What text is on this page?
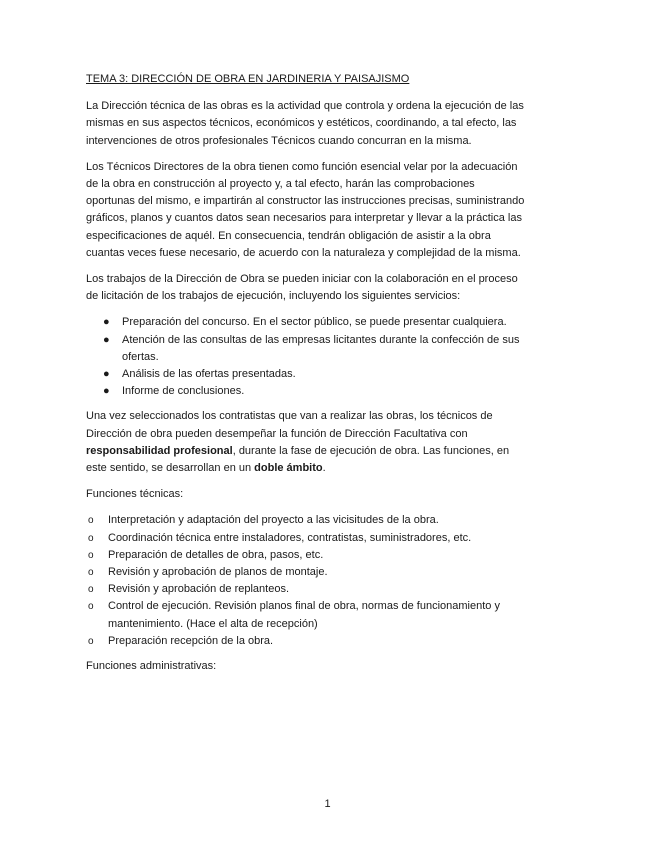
TEMA 3: DIRECCIÓN DE OBRA EN JARDINERIA Y PAISAJISMO

La Dirección técnica de las obras es la actividad que controla y ordena la ejecución de las mismas en sus aspectos técnicos, económicos y estéticos, coordinando, a tal efecto, las intervenciones de otros profesionales Técnicos cuando concurran en la misma.

Los Técnicos Directores de la obra tienen como función esencial velar por la adecuación de la obra en construcción al proyecto y, a tal efecto, harán las comprobaciones oportunas del mismo, e impartirán al constructor las instrucciones precisas, suministrando gráficos, planos y cuantos datos sean necesarios para interpretar y llevar a la práctica las especificaciones de aquél. En consecuencia, tendrán obligación de asistir a la obra cuantas veces fuese necesario, de acuerdo con la naturaleza y complejidad de la misma.

Los trabajos de la Dirección de Obra se pueden iniciar con la colaboración en el proceso de licitación de los trabajos de ejecución, incluyendo los siguientes servicios:

● Preparación del concurso. En el sector público, se puede presentar cualquiera.
● Atención de las consultas de las empresas licitantes durante la confección de sus ofertas.
● Análisis de las ofertas presentadas.
● Informe de conclusiones.

Una vez seleccionados los contratistas que van a realizar las obras, los técnicos de Dirección de obra pueden desempeñar la función de Dirección Facultativa con responsabilidad profesional, durante la fase de ejecución de obra. Las funciones, en este sentido, se desarrollan en un doble ámbito.

Funciones técnicas:

o Interpretación y adaptación del proyecto a las vicisitudes de la obra.
o Coordinación técnica entre instaladores, contratistas, suministradores, etc.
o Preparación de detalles de obra, pasos, etc.
o Revisión y aprobación de planos de montaje.
o Revisión y aprobación de replanteos.
o Control de ejecución. Revisión planos final de obra, normas de funcionamiento y mantenimiento. (Hace el alta de recepción)
o Preparación recepción de la obra.

Funciones administrativas:

1
